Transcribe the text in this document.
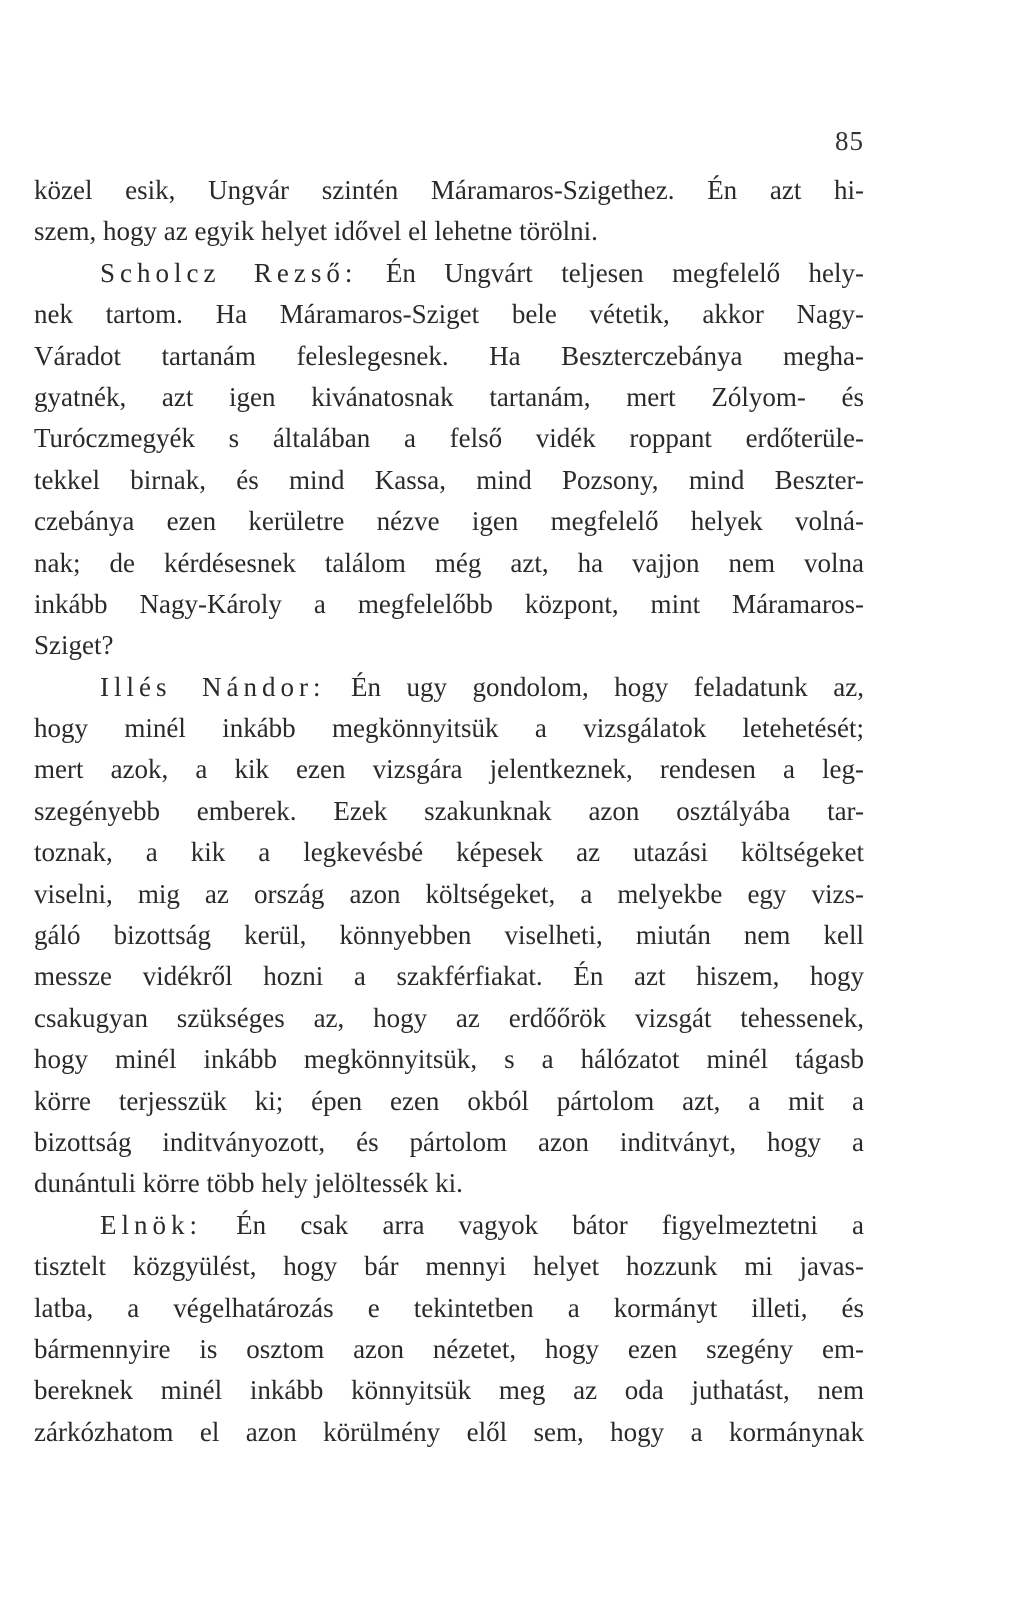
85
közel esik, Ungvár szintén Máramaros-Szigethez. Én azt hi-
szem, hogy az egyik helyet idővel el lehetne törölni.
Scholcz Rezső: Én Ungvárt teljesen megfelelő hely-
nek tartom. Ha Máramaros-Sziget bele vétetik, akkor Nagy-
Váradot tartanám feleslegesnek. Ha Beszterczebánya megha-
gyatnék, azt igen kivánatosnak tartanám, mert Zólyom- és
Turóczmegyék s általában a felső vidék roppant erdőterüle-
tekkel birnak, és mind Kassa, mind Pozsony, mind Beszter-
czebánya ezen kerületre nézve igen megfelelő helyek volná-
nak; de kérdésesnek találom még azt, ha vajjon nem volna
inkább Nagy-Károly a megfelelőbb központ, mint Máramaros-
Sziget?
Illés Nándor: Én ugy gondolom, hogy feladatunk az,
hogy minél inkább megkönnyitsük a vizsgálatok letehetését;
mert azok, a kik ezen vizsgára jelentkeznek, rendesen a leg-
szegényebb emberek. Ezek szakunknak azon osztályába tar-
toznak, a kik a legkevésbé képesek az utazási költségeket
viselni, mig az ország azon költségeket, a melyekbe egy vizs-
gáló bizottság kerül, könnyebben viselheti, miután nem kell
messze vidékről hozni a szakférfiakat. Én azt hiszem, hogy
csakugyan szükséges az, hogy az erdőőrök vizsgát tehessenek,
hogy minél inkább megkönnyitsük, s a hálózatot minél tágasb
körre terjesszük ki; épen ezen okból pártolom azt, a mit a
bizottság inditványozott, és pártolom azon inditványt, hogy a
dunántuli körre több hely jelöltessék ki.
Elnök: Én csak arra vagyok bátor figyelmeztetni a
tisztelt közgyülést, hogy bár mennyi helyet hozzunk mi javas-
latba, a végelhatározás e tekintetben a kormányt illeti, és
bármennyire is osztom azon nézetet, hogy ezen szegény em-
bereknek minél inkább könnyitsük meg az oda juthatást, nem
zárkózhatom el azon körülmény elől sem, hogy a kormánynak
